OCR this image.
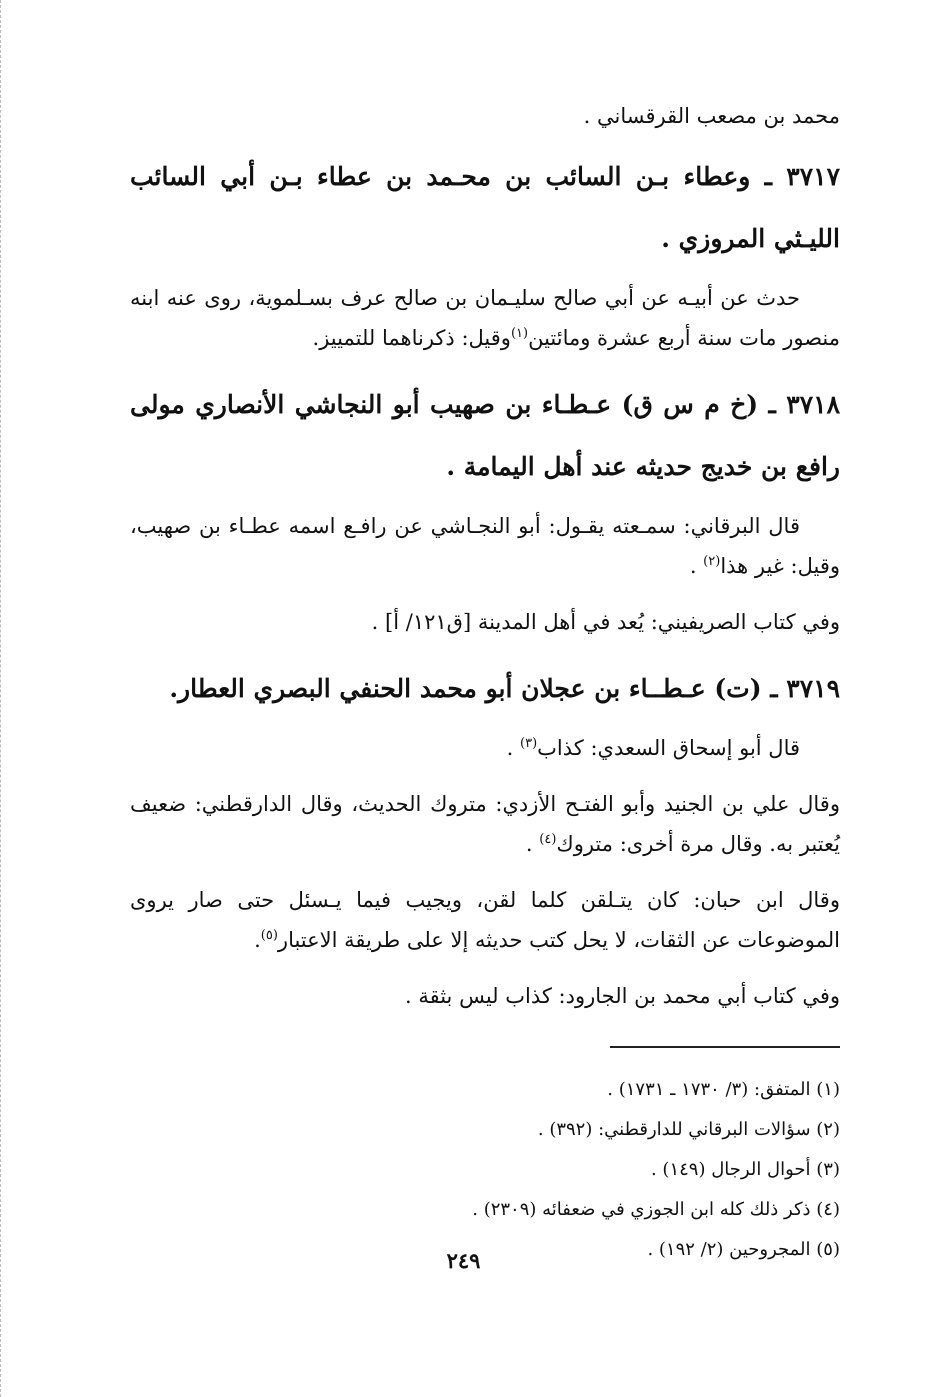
محمد بن مصعب القرقساني .

٣٧١٧ ـ وعطاء بـن السائب بن محـمد بن عطاء بـن أبي السائب الليـثي المروزي .

حدث عن أبيـه عن أبي صالح سليـمان بن صالح عرف بسـلموية، روى عنه ابنه منصور مات سنة أربع عشرة ومائتين$^{(١)}$وقيل: ذكرناهما للتمييز.

٣٧١٨ ـ (خ م س ق) عـطـاء بن صهيب أبو النجاشي الأنصاري مولى رافع بن خديج حديثه عند أهل اليمامة .

قال البرقاني: سمـعته يقـول: أبو النجـاشي عن رافـع اسمه عطـاء بن صهيب، وقيل: غير هذا$^{(٢)}$ .

وفي كتاب الصريفيني: يُعد في أهل المدينة [ق١٢١/ أ] .

٣٧١٩ ـ (ت) عـطــاء بن عجلان أبو محمد الحنفي البصري العطار.

قال أبو إسحاق السعدي: كذاب$^{(٣)}$ .

وقال علي بن الجنيد وأبو الفتـح الأزدي: متروك الحديث، وقال الدارقطني: ضعيف يُعتبر به. وقال مرة أخرى: متروك$^{(٤)}$ .

وقال ابن حبان: كان يتـلقن كلما لقن، ويجيب فيما يـسئل حتى صار يروى الموضوعات عن الثقات، لا يحل كتب حديثه إلا على طريقة الاعتبار$^{(٥)}$.

وفي كتاب أبي محمد بن الجارود: كذاب ليس بثقة .

(١) المتفق: (٣/ ١٧٣٠ ـ ١٧٣١) .
(٢) سؤالات البرقاني للدارقطني: (٣٩٢) .
(٣) أحوال الرجال (١٤٩) .
(٤) ذكر ذلك كله ابن الجوزي في ضعفائه (٢٣٠٩) .
(٥) المجروحين (٢/ ١٩٢) .
٢٤٩
